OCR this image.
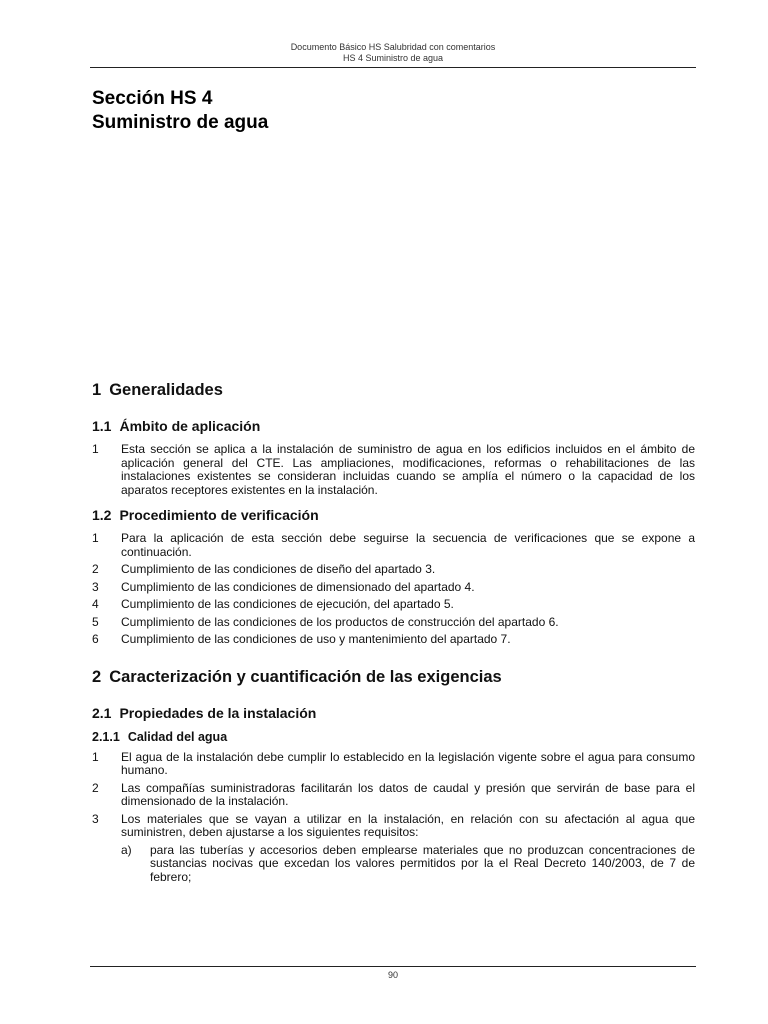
Documento Básico HS Salubridad con comentarios
HS 4 Suministro de agua
Sección HS 4
Suministro de agua
1 Generalidades
1.1 Ámbito de aplicación
1	Esta sección se aplica a la instalación de suministro de agua en los edificios incluidos en el ámbito de aplicación general del CTE. Las ampliaciones, modificaciones, reformas o rehabilitaciones de las instalaciones existentes se consideran incluidas cuando se amplía el número o la capacidad de los aparatos receptores existentes en la instalación.
1.2 Procedimiento de verificación
1	Para la aplicación de esta sección debe seguirse la secuencia de verificaciones que se expone a continuación.
2	Cumplimiento de las condiciones de diseño del apartado 3.
3	Cumplimiento de las condiciones de dimensionado del apartado 4.
4	Cumplimiento de las condiciones de ejecución, del apartado 5.
5	Cumplimiento de las condiciones de los productos de construcción del apartado 6.
6	Cumplimiento de las condiciones de uso y mantenimiento del apartado 7.
2 Caracterización y cuantificación de las exigencias
2.1 Propiedades de la instalación
2.1.1 Calidad del agua
1	El agua de la instalación debe cumplir lo establecido en la legislación vigente sobre el agua para consumo humano.
2	Las compañías suministradoras facilitarán los datos de caudal y presión que servirán de base para el dimensionado de la instalación.
3	Los materiales que se vayan a utilizar en la instalación, en relación con su afectación al agua que suministren, deben ajustarse a los siguientes requisitos:
a)	para las tuberías y accesorios deben emplearse materiales que no produzcan concentraciones de sustancias nocivas que excedan los valores permitidos por la el Real Decreto 140/2003, de 7 de febrero;
90
